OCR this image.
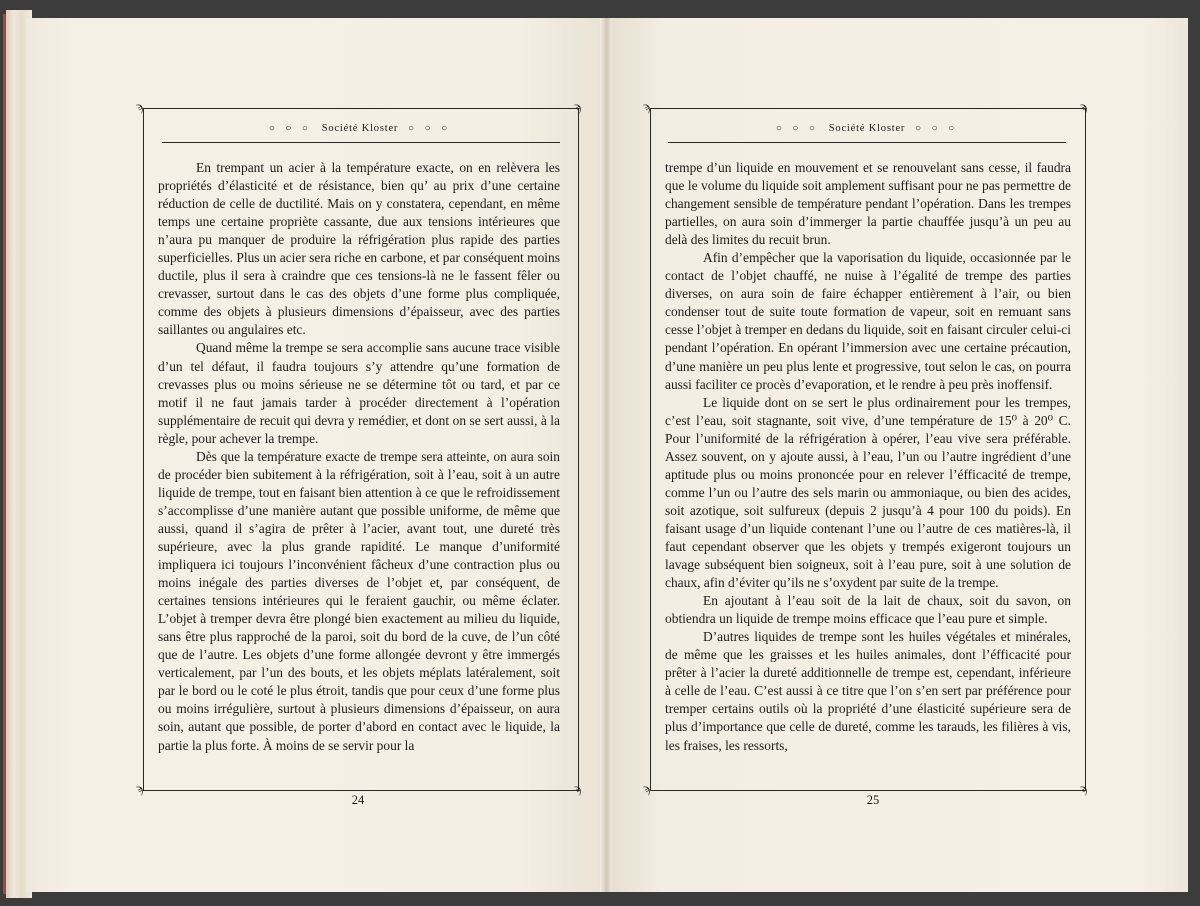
ϡ	ϡ
ϡ	ϡ
○ ○ ○ Société Kloster ○ ○ ○

En trempant un acier à la température exacte, on en relèvera les propriétés d’élasticité et de résistance, bien qu’ au prix d’une certaine réduction de celle de ductilité. Mais on y constatera, cependant, en même temps une certaine propriète cassante, due aux tensions intérieures que n’aura pu manquer de produire la réfrigération plus rapide des parties superficielles. Plus un acier sera riche en carbone, et par conséquent moins ductile, plus il sera à craindre que ces tensions-là ne le fassent fêler ou crevasser, surtout dans le cas des objets d’une forme plus compliquée, comme des objets à plusieurs dimensions d’épaisseur, avec des parties saillantes ou angulaires etc.

Quand même la trempe se sera accomplie sans aucune trace visible d’un tel défaut, il faudra toujours s’y attendre qu’une formation de crevasses plus ou moins sérieuse ne se détermine tôt ou tard, et par ce motif il ne faut jamais tarder à procéder directement à l’opération supplémentaire de recuit qui devra y remédier, et dont on se sert aussi, à la règle, pour achever la trempe.

Dès que la température exacte de trempe sera atteinte, on aura soin de procéder bien subitement à la réfrigération, soit à l’eau, soit à un autre liquide de trempe, tout en faisant bien attention à ce que le refroidissement s’accomplisse d’une manière autant que possible uniforme, de même que aussi, quand il s’agira de prêter à l’acier, avant tout, une dureté très supérieure, avec la plus grande rapidité. Le manque d’uniformité impliquera ici toujours l’inconvénient fâcheux d’une contraction plus ou moins inégale des parties diverses de l’objet et, par conséquent, de certaines tensions intérieures qui le feraient gauchir, ou même éclater. L’objet à tremper devra être plongé bien exactement au milieu du liquide, sans être plus rapproché de la paroi, soit du bord de la cuve, de l’un côté que de l’autre. Les objets d’une forme allongée devront y être immergés verticalement, par l’un des bouts, et les objets méplats latéralement, soit par le bord ou le coté le plus étroit, tandis que pour ceux d’une forme plus ou moins irrégulière, surtout à plusieurs dimensions d’épaisseur, on aura soin, autant que possible, de porter d’abord en contact avec le liquide, la partie la plus forte. À moins de se servir pour la

24
ϡ	ϡ
ϡ	ϡ
○ ○ ○ Société Kloster ○ ○ ○

trempe d’un liquide en mouvement et se renouvelant sans cesse, il faudra que le volume du liquide soit amplement suffisant pour ne pas permettre de changement sensible de température pendant l’opération. Dans les trempes partielles, on aura soin d’immerger la partie chauffée jusqu’à un peu au delà des limites du recuit brun.

Afin d’empêcher que la vaporisation du liquide, occasionnée par le contact de l’objet chauffé, ne nuise à l’égalité de trempe des parties diverses, on aura soin de faire échapper entièrement à l’air, ou bien condenser tout de suite toute formation de vapeur, soit en remuant sans cesse l’objet à tremper en dedans du liquide, soit en faisant circuler celui-ci pendant l’opération. En opérant l’immersion avec une certaine précaution, d’une manière un peu plus lente et progressive, tout selon le cas, on pourra aussi faciliter ce procès d’evaporation, et le rendre à peu près inoffensif.

Le liquide dont on se sert le plus ordinairement pour les trempes, c’est l’eau, soit stagnante, soit vive, d’une température de 15⁰ à 20⁰ C. Pour l’uniformité de la réfrigération à opérer, l’eau vive sera préférable. Assez souvent, on y ajoute aussi, à l’eau, l’un ou l’autre ingrédient d’une aptitude plus ou moins prononcée pour en relever l’éfficacité de trempe, comme l’un ou l’autre des sels marin ou ammoniaque, ou bien des acides, soit azotique, soit sulfureux (depuis 2 jusqu’à 4 pour 100 du poids). En faisant usage d’un liquide contenant l’une ou l’autre de ces matières-là, il faut cependant observer que les objets y trempés exigeront toujours un lavage subséquent bien soigneux, soit à l’eau pure, soit à une solution de chaux, afin d’éviter qu’ils ne s’oxydent par suite de la trempe.

En ajoutant à l’eau soit de la lait de chaux, soit du savon, on obtiendra un liquide de trempe moins efficace que l’eau pure et simple.

D’autres liquides de trempe sont les huiles végétales et minérales, de même que les graisses et les huiles animales, dont l’éfficacité pour prêter à l’acier la dureté additionnelle de trempe est, cependant, inférieure à celle de l’eau. C’est aussi à ce titre que l’on s’en sert par préférence pour tremper certains outils où la propriété d’une élasticité supérieure sera de plus d’importance que celle de dureté, comme les tarauds, les filières à vis, les fraises, les ressorts,

25
